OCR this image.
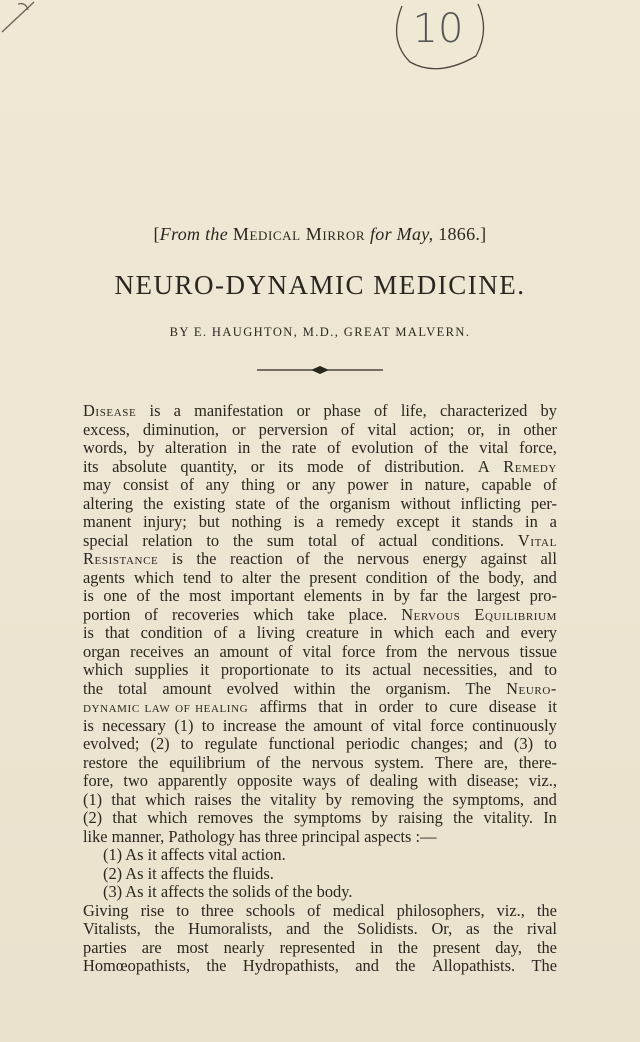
10
[From the Medical Mirror for May, 1866.]
NEURO-DYNAMIC MEDICINE.
BY E. HAUGHTON, M.D., GREAT MALVERN.
Disease is a manifestation or phase of life, characterized by
excess, diminution, or perversion of vital action; or, in other
words, by alteration in the rate of evolution of the vital force,
its absolute quantity, or its mode of distribution. A Remedy
may consist of any thing or any power in nature, capable of
altering the existing state of the organism without inflicting per-
manent injury; but nothing is a remedy except it stands in a
special relation to the sum total of actual conditions. Vital
Resistance is the reaction of the nervous energy against all
agents which tend to alter the present condition of the body, and
is one of the most important elements in by far the largest pro-
portion of recoveries which take place. Nervous Equilibrium
is that condition of a living creature in which each and every
organ receives an amount of vital force from the nervous tissue
which supplies it proportionate to its actual necessities, and to
the total amount evolved within the organism. The Neuro-
dynamic law of healing affirms that in order to cure disease it
is necessary (1) to increase the amount of vital force continuously
evolved; (2) to regulate functional periodic changes; and (3) to
restore the equilibrium of the nervous system. There are, there-
fore, two apparently opposite ways of dealing with disease; viz.,
(1) that which raises the vitality by removing the symptoms, and
(2) that which removes the symptoms by raising the vitality. In
like manner, Pathology has three principal aspects :—
(1) As it affects vital action.
(2) As it affects the fluids.
(3) As it affects the solids of the body.
Giving rise to three schools of medical philosophers, viz., the
Vitalists, the Humoralists, and the Solidists. Or, as the rival
parties are most nearly represented in the present day, the
Homœopathists, the Hydropathists, and the Allopathists. The
